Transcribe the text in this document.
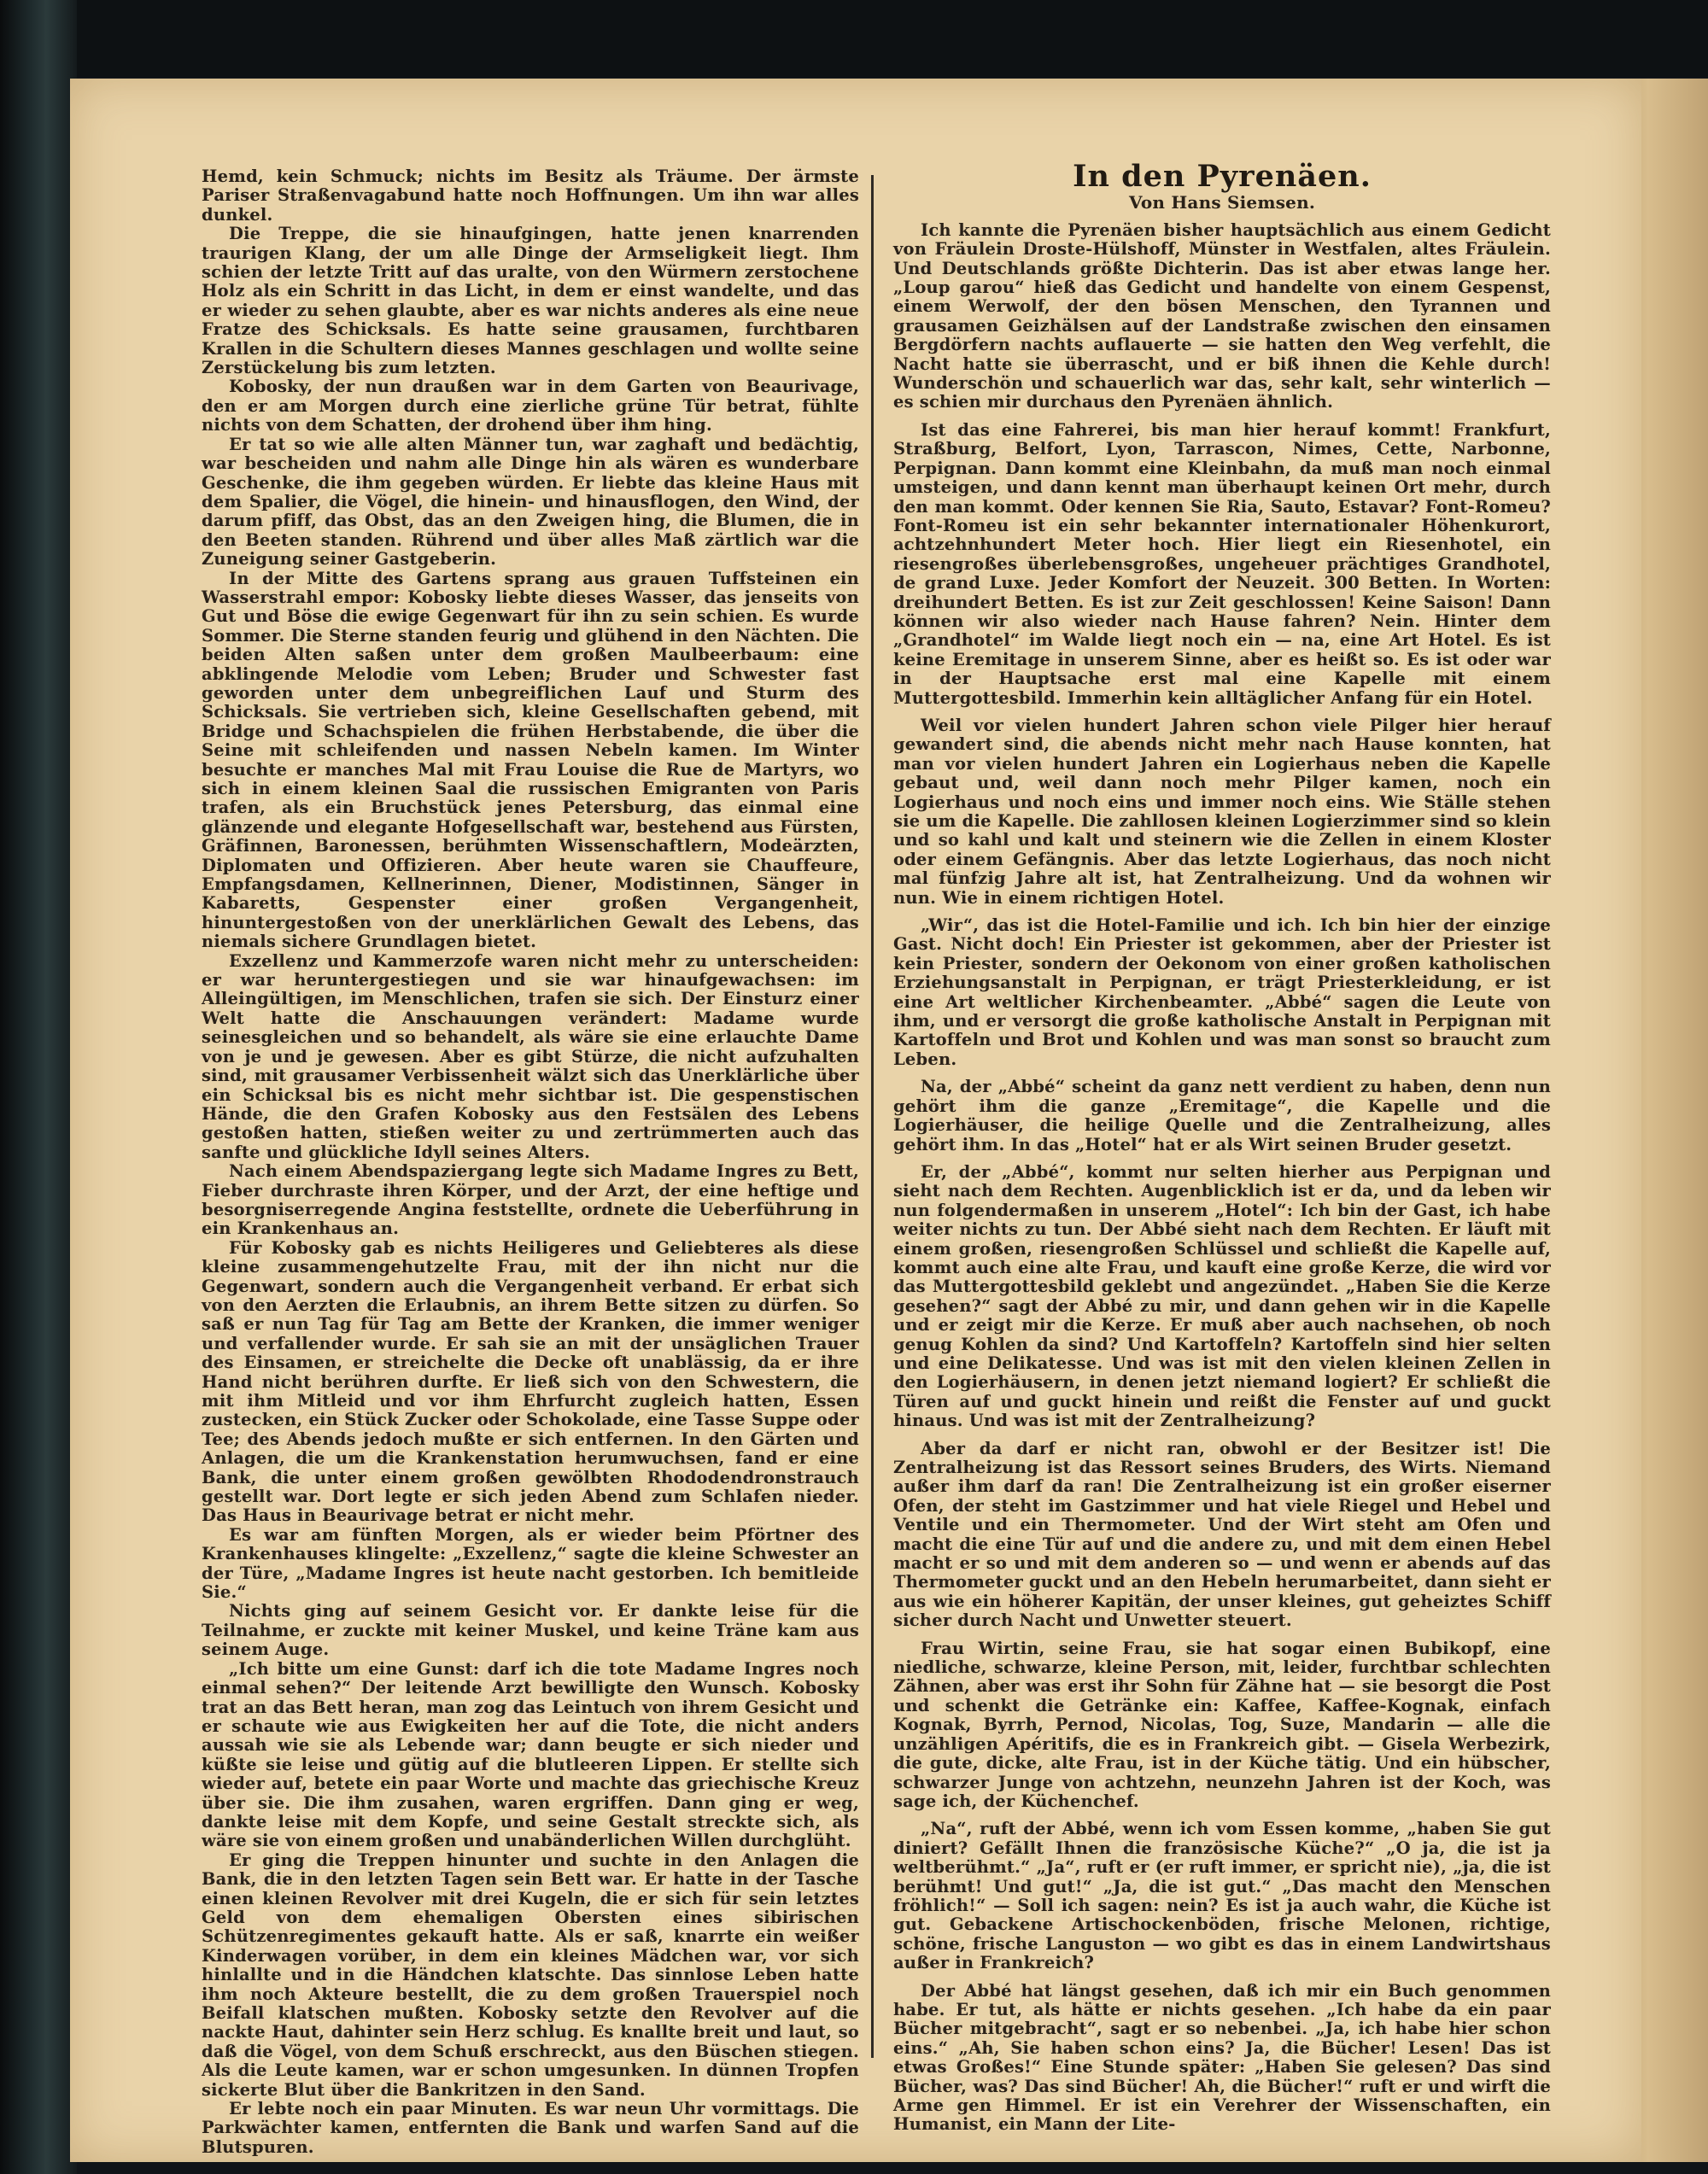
Hemd, kein Schmuck; nichts im Besitz als Träume. Der ärmste Pariser Straßenvagabund hatte noch Hoffnungen. Um ihn war alles dunkel.

Die Treppe, die sie hinaufgingen, hatte jenen knarrenden traurigen Klang, der um alle Dinge der Armseligkeit liegt. Ihm schien der letzte Tritt auf das uralte, von den Würmern zerstochene Holz als ein Schritt in das Licht, in dem er einst wandelte, und das er wieder zu sehen glaubte, aber es war nichts anderes als eine neue Fratze des Schicksals. Es hatte seine grausamen, furchtbaren Krallen in die Schultern dieses Mannes geschlagen und wollte seine Zerstückelung bis zum letzten.

Kobosky, der nun draußen war in dem Garten von Beaurivage, den er am Morgen durch eine zierliche grüne Tür betrat, fühlte nichts von dem Schatten, der drohend über ihm hing.

Er tat so wie alle alten Männer tun, war zaghaft und bedächtig, war bescheiden und nahm alle Dinge hin als wären es wunderbare Geschenke, die ihm gegeben würden. Er liebte das kleine Haus mit dem Spalier, die Vögel, die hinein- und hinausflogen, den Wind, der darum pfiff, das Obst, das an den Zweigen hing, die Blumen, die in den Beeten standen. Rührend und über alles Maß zärtlich war die Zuneigung seiner Gastgeberin.

In der Mitte des Gartens sprang aus grauen Tuffsteinen ein Wasserstrahl empor: Kobosky liebte dieses Wasser, das jenseits von Gut und Böse die ewige Gegenwart für ihn zu sein schien. Es wurde Sommer. Die Sterne standen feurig und glühend in den Nächten. Die beiden Alten saßen unter dem großen Maulbeerbaum: eine abklingende Melodie vom Leben; Bruder und Schwester fast geworden unter dem unbegreiflichen Lauf und Sturm des Schicksals. Sie vertrieben sich, kleine Gesellschaften gebend, mit Bridge und Schachspielen die frühen Herbstabende, die über die Seine mit schleifenden und nassen Nebeln kamen. Im Winter besuchte er manches Mal mit Frau Louise die Rue de Martyrs, wo sich in einem kleinen Saal die russischen Emigranten von Paris trafen, als ein Bruchstück jenes Petersburg, das einmal eine glänzende und elegante Hofgesellschaft war, bestehend aus Fürsten, Gräfinnen, Baronessen, berühmten Wissenschaftlern, Modeärzten, Diplomaten und Offizieren. Aber heute waren sie Chauffeure, Empfangsdamen, Kellnerinnen, Diener, Modistinnen, Sänger in Kabaretts, Gespenster einer großen Vergangenheit, hinuntergestoßen von der unerklärlichen Gewalt des Lebens, das niemals sichere Grundlagen bietet.

Exzellenz und Kammerzofe waren nicht mehr zu unterscheiden: er war heruntergestiegen und sie war hinaufgewachsen: im Alleingültigen, im Menschlichen, trafen sie sich. Der Einsturz einer Welt hatte die Anschauungen verändert: Madame wurde seinesgleichen und so behandelt, als wäre sie eine erlauchte Dame von je und je gewesen. Aber es gibt Stürze, die nicht aufzuhalten sind, mit grausamer Verbissenheit wälzt sich das Unerklärliche über ein Schicksal bis es nicht mehr sichtbar ist. Die gespenstischen Hände, die den Grafen Kobosky aus den Festsälen des Lebens gestoßen hatten, stießen weiter zu und zertrümmerten auch das sanfte und glückliche Idyll seines Alters.

Nach einem Abendspaziergang legte sich Madame Ingres zu Bett, Fieber durchraste ihren Körper, und der Arzt, der eine heftige und besorgniserregende Angina feststellte, ordnete die Ueberführung in ein Krankenhaus an.

Für Kobosky gab es nichts Heiligeres und Geliebteres als diese kleine zusammengehutzelte Frau, mit der ihn nicht nur die Gegenwart, sondern auch die Vergangenheit verband. Er erbat sich von den Aerzten die Erlaubnis, an ihrem Bette sitzen zu dürfen. So saß er nun Tag für Tag am Bette der Kranken, die immer weniger und verfallender wurde. Er sah sie an mit der unsäglichen Trauer des Einsamen, er streichelte die Decke oft unablässig, da er ihre Hand nicht berühren durfte. Er ließ sich von den Schwestern, die mit ihm Mitleid und vor ihm Ehrfurcht zugleich hatten, Essen zustecken, ein Stück Zucker oder Schokolade, eine Tasse Suppe oder Tee; des Abends jedoch mußte er sich entfernen. In den Gärten und Anlagen, die um die Krankenstation herumwuchsen, fand er eine Bank, die unter einem großen gewölbten Rhododendronstrauch gestellt war. Dort legte er sich jeden Abend zum Schlafen nieder. Das Haus in Beaurivage betrat er nicht mehr.

Es war am fünften Morgen, als er wieder beim Pförtner des Krankenhauses klingelte: „Exzellenz,“ sagte die kleine Schwester an der Türe, „Madame Ingres ist heute nacht gestorben. Ich bemitleide Sie.“

Nichts ging auf seinem Gesicht vor. Er dankte leise für die Teilnahme, er zuckte mit keiner Muskel, und keine Träne kam aus seinem Auge.

„Ich bitte um eine Gunst: darf ich die tote Madame Ingres noch einmal sehen?“ Der leitende Arzt bewilligte den Wunsch. Kobosky trat an das Bett heran, man zog das Leintuch von ihrem Gesicht und er schaute wie aus Ewigkeiten her auf die Tote, die nicht anders aussah wie sie als Lebende war; dann beugte er sich nieder und küßte sie leise und gütig auf die blutleeren Lippen. Er stellte sich wieder auf, betete ein paar Worte und machte das griechische Kreuz über sie. Die ihm zusahen, waren ergriffen. Dann ging er weg, dankte leise mit dem Kopfe, und seine Gestalt streckte sich, als wäre sie von einem großen und unabänderlichen Willen durchglüht.

Er ging die Treppen hinunter und suchte in den Anlagen die Bank, die in den letzten Tagen sein Bett war. Er hatte in der Tasche einen kleinen Revolver mit drei Kugeln, die er sich für sein letztes Geld von dem ehemaligen Obersten eines sibirischen Schützenregimentes gekauft hatte. Als er saß, knarrte ein weißer Kinderwagen vorüber, in dem ein kleines Mädchen war, vor sich hinlallte und in die Händchen klatschte. Das sinnlose Leben hatte ihm noch Akteure bestellt, die zu dem großen Trauerspiel noch Beifall klatschen mußten. Kobosky setzte den Revolver auf die nackte Haut, dahinter sein Herz schlug. Es knallte breit und laut, so daß die Vögel, von dem Schuß erschreckt, aus den Büschen stiegen. Als die Leute kamen, war er schon umgesunken. In dünnen Tropfen sickerte Blut über die Bankritzen in den Sand.

Er lebte noch ein paar Minuten. Es war neun Uhr vormittags. Die Parkwächter kamen, entfernten die Bank und warfen Sand auf die Blutspuren.

In den Pyrenäen.
Von Hans Siemsen.

Ich kannte die Pyrenäen bisher hauptsächlich aus einem Gedicht von Fräulein Droste-Hülshoff, Münster in Westfalen, altes Fräulein. Und Deutschlands größte Dichterin. Das ist aber etwas lange her. „Loup garou“ hieß das Gedicht und handelte von einem Gespenst, einem Werwolf, der den bösen Menschen, den Tyrannen und grausamen Geizhälsen auf der Landstraße zwischen den einsamen Bergdörfern nachts auflauerte — sie hatten den Weg verfehlt, die Nacht hatte sie überrascht, und er biß ihnen die Kehle durch! Wunderschön und schauerlich war das, sehr kalt, sehr winterlich — es schien mir durchaus den Pyrenäen ähnlich.

Ist das eine Fahrerei, bis man hier herauf kommt! Frankfurt, Straßburg, Belfort, Lyon, Tarrascon, Nimes, Cette, Narbonne, Perpignan. Dann kommt eine Kleinbahn, da muß man noch einmal umsteigen, und dann kennt man überhaupt keinen Ort mehr, durch den man kommt. Oder kennen Sie Ria, Sauto, Estavar? Font-Romeu? Font-Romeu ist ein sehr bekannter internationaler Höhenkurort, achtzehnhundert Meter hoch. Hier liegt ein Riesenhotel, ein riesengroßes überlebensgroßes, ungeheuer prächtiges Grandhotel, de grand Luxe. Jeder Komfort der Neuzeit. 300 Betten. In Worten: dreihundert Betten. Es ist zur Zeit geschlossen! Keine Saison! Dann können wir also wieder nach Hause fahren? Nein. Hinter dem „Grandhotel“ im Walde liegt noch ein — na, eine Art Hotel. Es ist keine Eremitage in unserem Sinne, aber es heißt so. Es ist oder war in der Hauptsache erst mal eine Kapelle mit einem Muttergottesbild. Immerhin kein alltäglicher Anfang für ein Hotel.

Weil vor vielen hundert Jahren schon viele Pilger hier herauf gewandert sind, die abends nicht mehr nach Hause konnten, hat man vor vielen hundert Jahren ein Logierhaus neben die Kapelle gebaut und, weil dann noch mehr Pilger kamen, noch ein Logierhaus und noch eins und immer noch eins. Wie Ställe stehen sie um die Kapelle. Die zahllosen kleinen Logierzimmer sind so klein und so kahl und kalt und steinern wie die Zellen in einem Kloster oder einem Gefängnis. Aber das letzte Logierhaus, das noch nicht mal fünfzig Jahre alt ist, hat Zentralheizung. Und da wohnen wir nun. Wie in einem richtigen Hotel.

„Wir“, das ist die Hotel-Familie und ich. Ich bin hier der einzige Gast. Nicht doch! Ein Priester ist gekommen, aber der Priester ist kein Priester, sondern der Oekonom von einer großen katholischen Erziehungsanstalt in Perpignan, er trägt Priesterkleidung, er ist eine Art weltlicher Kirchenbeamter. „Abbé“ sagen die Leute von ihm, und er versorgt die große katholische Anstalt in Perpignan mit Kartoffeln und Brot und Kohlen und was man sonst so braucht zum Leben.

Na, der „Abbé“ scheint da ganz nett verdient zu haben, denn nun gehört ihm die ganze „Eremitage“, die Kapelle und die Logierhäuser, die heilige Quelle und die Zentralheizung, alles gehört ihm. In das „Hotel“ hat er als Wirt seinen Bruder gesetzt.

Er, der „Abbé“, kommt nur selten hierher aus Perpignan und sieht nach dem Rechten. Augenblicklich ist er da, und da leben wir nun folgendermaßen in unserem „Hotel“: Ich bin der Gast, ich habe weiter nichts zu tun. Der Abbé sieht nach dem Rechten. Er läuft mit einem großen, riesengroßen Schlüssel und schließt die Kapelle auf, kommt auch eine alte Frau, und kauft eine große Kerze, die wird vor das Muttergottesbild geklebt und angezündet. „Haben Sie die Kerze gesehen?“ sagt der Abbé zu mir, und dann gehen wir in die Kapelle und er zeigt mir die Kerze. Er muß aber auch nachsehen, ob noch genug Kohlen da sind? Und Kartoffeln? Kartoffeln sind hier selten und eine Delikatesse. Und was ist mit den vielen kleinen Zellen in den Logierhäusern, in denen jetzt niemand logiert? Er schließt die Türen auf und guckt hinein und reißt die Fenster auf und guckt hinaus. Und was ist mit der Zentralheizung?

Aber da darf er nicht ran, obwohl er der Besitzer ist! Die Zentralheizung ist das Ressort seines Bruders, des Wirts. Niemand außer ihm darf da ran! Die Zentralheizung ist ein großer eiserner Ofen, der steht im Gastzimmer und hat viele Riegel und Hebel und Ventile und ein Thermometer. Und der Wirt steht am Ofen und macht die eine Tür auf und die andere zu, und mit dem einen Hebel macht er so und mit dem anderen so — und wenn er abends auf das Thermometer guckt und an den Hebeln herumarbeitet, dann sieht er aus wie ein höherer Kapitän, der unser kleines, gut geheiztes Schiff sicher durch Nacht und Unwetter steuert.

Frau Wirtin, seine Frau, sie hat sogar einen Bubikopf, eine niedliche, schwarze, kleine Person, mit, leider, furchtbar schlechten Zähnen, aber was erst ihr Sohn für Zähne hat — sie besorgt die Post und schenkt die Getränke ein: Kaffee, Kaffee-Kognak, einfach Kognak, Byrrh, Pernod, Nicolas, Tog, Suze, Mandarin — alle die unzähligen Apéritifs, die es in Frankreich gibt. — Gisela Werbezirk, die gute, dicke, alte Frau, ist in der Küche tätig. Und ein hübscher, schwarzer Junge von achtzehn, neunzehn Jahren ist der Koch, was sage ich, der Küchenchef.

„Na“, ruft der Abbé, wenn ich vom Essen komme, „haben Sie gut diniert? Gefällt Ihnen die französische Küche?“ „O ja, die ist ja weltberühmt.“ „Ja“, ruft er (er ruft immer, er spricht nie), „ja, die ist berühmt! Und gut!“ „Ja, die ist gut.“ „Das macht den Menschen fröhlich!“ — Soll ich sagen: nein? Es ist ja auch wahr, die Küche ist gut. Gebackene Artischockenböden, frische Melonen, richtige, schöne, frische Languston — wo gibt es das in einem Landwirtshaus außer in Frankreich?

Der Abbé hat längst gesehen, daß ich mir ein Buch genommen habe. Er tut, als hätte er nichts gesehen. „Ich habe da ein paar Bücher mitgebracht“, sagt er so nebenbei. „Ja, ich habe hier schon eins.“ „Ah, Sie haben schon eins? Ja, die Bücher! Lesen! Das ist etwas Großes!“ Eine Stunde später: „Haben Sie gelesen? Das sind Bücher, was? Das sind Bücher! Ah, die Bücher!“ ruft er und wirft die Arme gen Himmel. Er ist ein Verehrer der Wissenschaften, ein Humanist, ein Mann der Lite-
